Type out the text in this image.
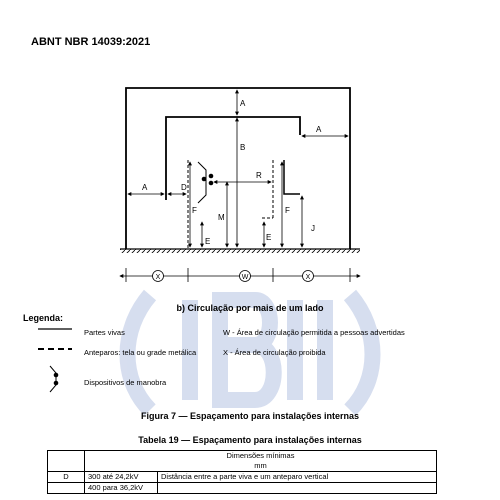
ABNT NBR 14039:2021
A
B
A
A	D
R
F
M
E	E
F
J
X	W	X
b) Circulação por mais de um lado
Legenda:
Partes vivas
Anteparos: tela ou grade metálica
Dispositivos de manobra
W - Área de circulação permitida a pessoas advertidas
X - Área de circulação proibida
Figura 7 — Espaçamento para instalações internas
Tabela 19 — Espaçamento para instalações internas
	Dimensões mínimas
mm	
D	300 até 24,2kV	Distância entre a parte viva e um anteparo vertical
	400 para 36,2kV	
